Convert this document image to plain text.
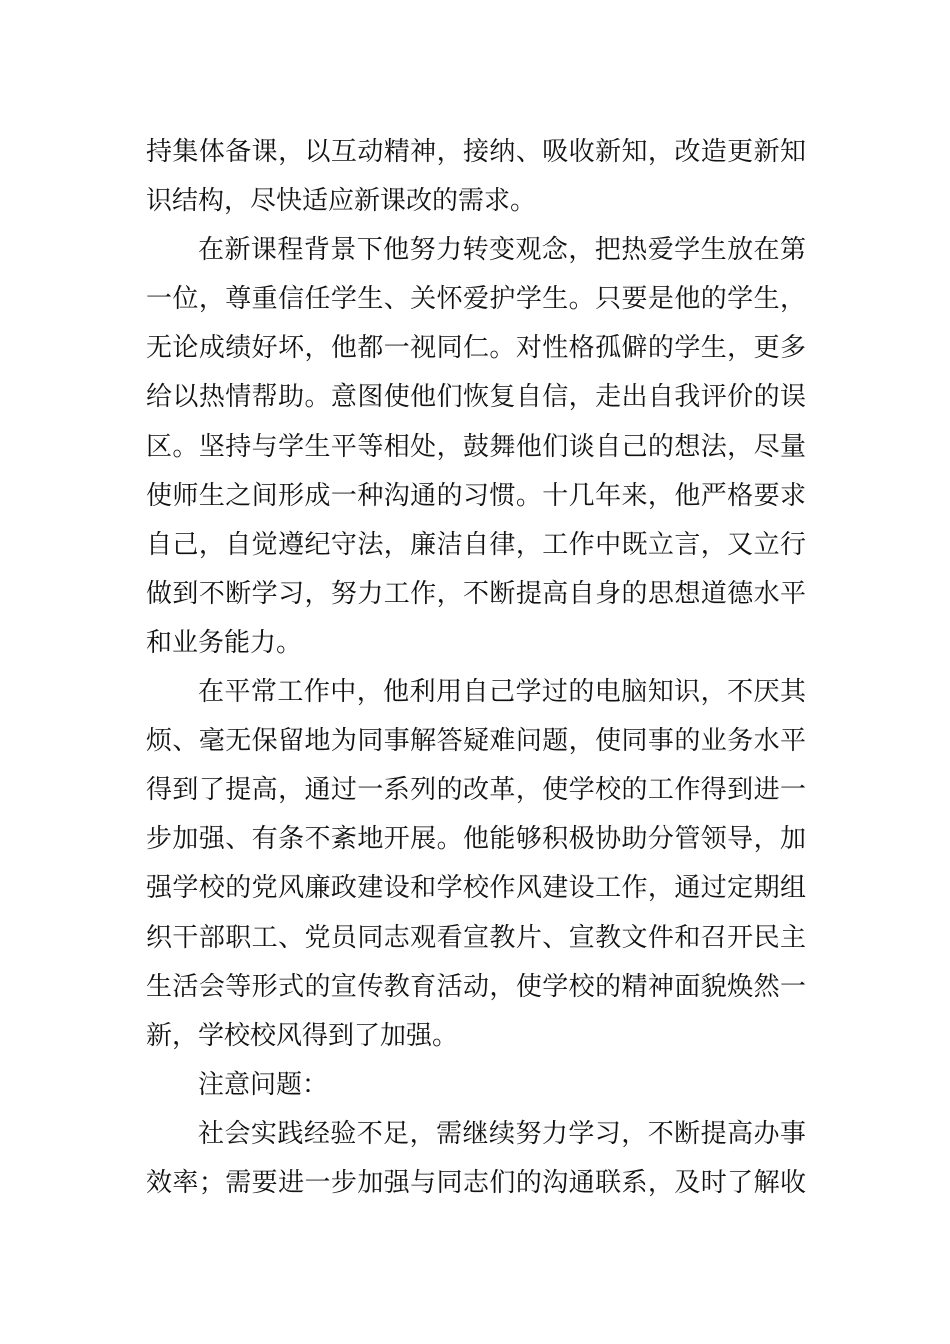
持集体备课，以互动精神，接纳、吸收新知，改造更新知
识结构，尽快适应新课改的需求。
在新课程背景下他努力转变观念，把热爱学生放在第
一位，尊重信任学生、关怀爱护学生。只要是他的学生，
无论成绩好坏，他都一视同仁。对性格孤僻的学生，更多
给以热情帮助。意图使他们恢复自信，走出自我评价的误
区。坚持与学生平等相处，鼓舞他们谈自己的想法，尽量
使师生之间形成一种沟通的习惯。十几年来，他严格要求
自己，自觉遵纪守法，廉洁自律，工作中既立言，又立行
做到不断学习，努力工作，不断提高自身的思想道德水平
和业务能力。
在平常工作中，他利用自己学过的电脑知识，不厌其
烦、毫无保留地为同事解答疑难问题，使同事的业务水平
得到了提高，通过一系列的改革，使学校的工作得到进一
步加强、有条不紊地开展。他能够积极协助分管领导，加
强学校的党风廉政建设和学校作风建设工作，通过定期组
织干部职工、党员同志观看宣教片、宣教文件和召开民主
生活会等形式的宣传教育活动，使学校的精神面貌焕然一
新，学校校风得到了加强。
注意问题：
社会实践经验不足，需继续努力学习，不断提高办事
效率；需要进一步加强与同志们的沟通联系，及时了解收
